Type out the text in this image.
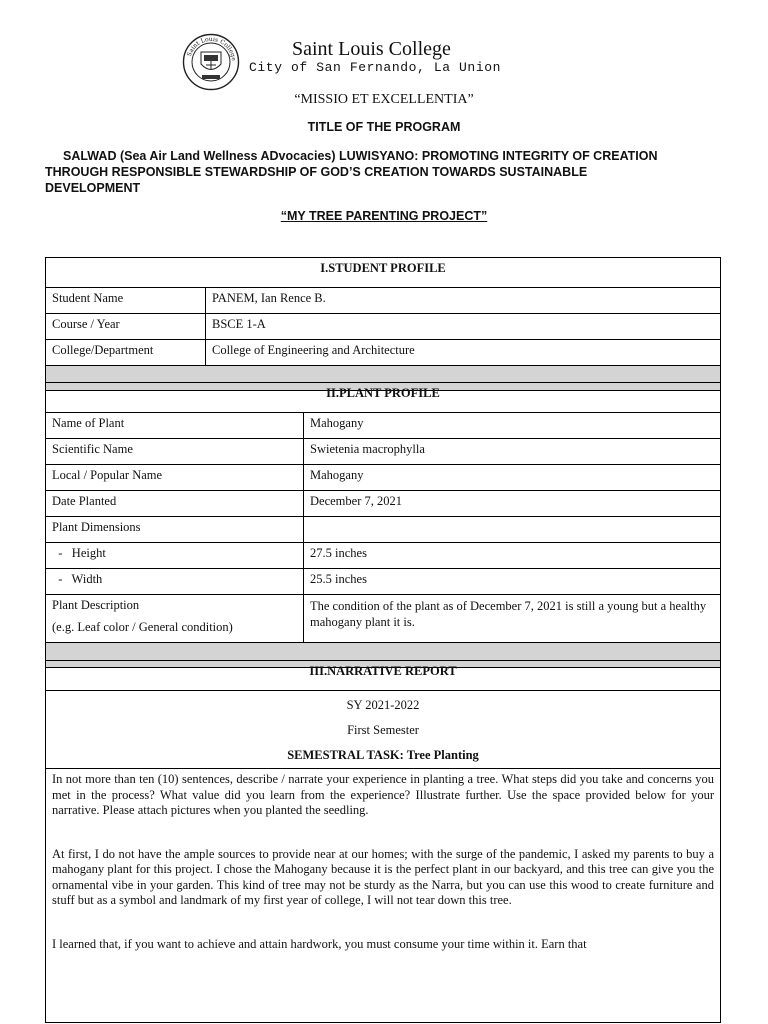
Saint Louis College	Saint Louis College
City of San Fernando, La Union
“MISSIO ET EXCELLENTIA”
TITLE OF THE PROGRAM
SALWAD (Sea Air Land Wellness ADvocacies) LUWISYANO: PROMOTING INTEGRITY OF CREATION THROUGH RESPONSIBLE STEWARDSHIP OF GOD’S CREATION TOWARDS SUSTAINABLE DEVELOPMENT
“MY TREE PARENTING PROJECT”
I.STUDENT PROFILE	
Student Name	PANEM, Ian Rence B.
Course / Year	BSCE 1-A
College/Department	College of Engineering and Architecture

II.PLANT PROFILE	
Name of Plant	Mahogany
Scientific Name	Swietenia macrophylla
Local / Popular Name	Mahogany
Date Planted	December 7, 2021
Plant Dimensions	
-   Height	27.5 inches
-   Width	25.5 inches

Plant Description
(e.g. Leaf color / General condition)	The condition of the plant as of December 7, 2021 is still a young but a healthy mahogany plant it is.

III.NARRATIVE REPORT

SY 2021-2022
First Semester
SEMESTRAL TASK: Tree Planting

In not more than ten (10) sentences, describe / narrate your experience in planting a tree. What steps did you take and concerns you met in the process? What value did you learn from the experience? Illustrate further. Use the space provided below for your narrative. Please attach pictures when you planted the seedling.

At first, I do not have the ample sources to provide near at our homes; with the surge of the pandemic, I asked my parents to buy a mahogany plant for this project. I chose the Mahogany because it is the perfect plant in our backyard, and this tree can give you the ornamental vibe in your garden. This kind of tree may not be sturdy as the Narra, but you can use this wood to create furniture and stuff but as a symbol and landmark of my first year of college, I will not tear down this tree.

I learned that, if you want to achieve and attain hardwork, you must consume your time within it. Earn that
